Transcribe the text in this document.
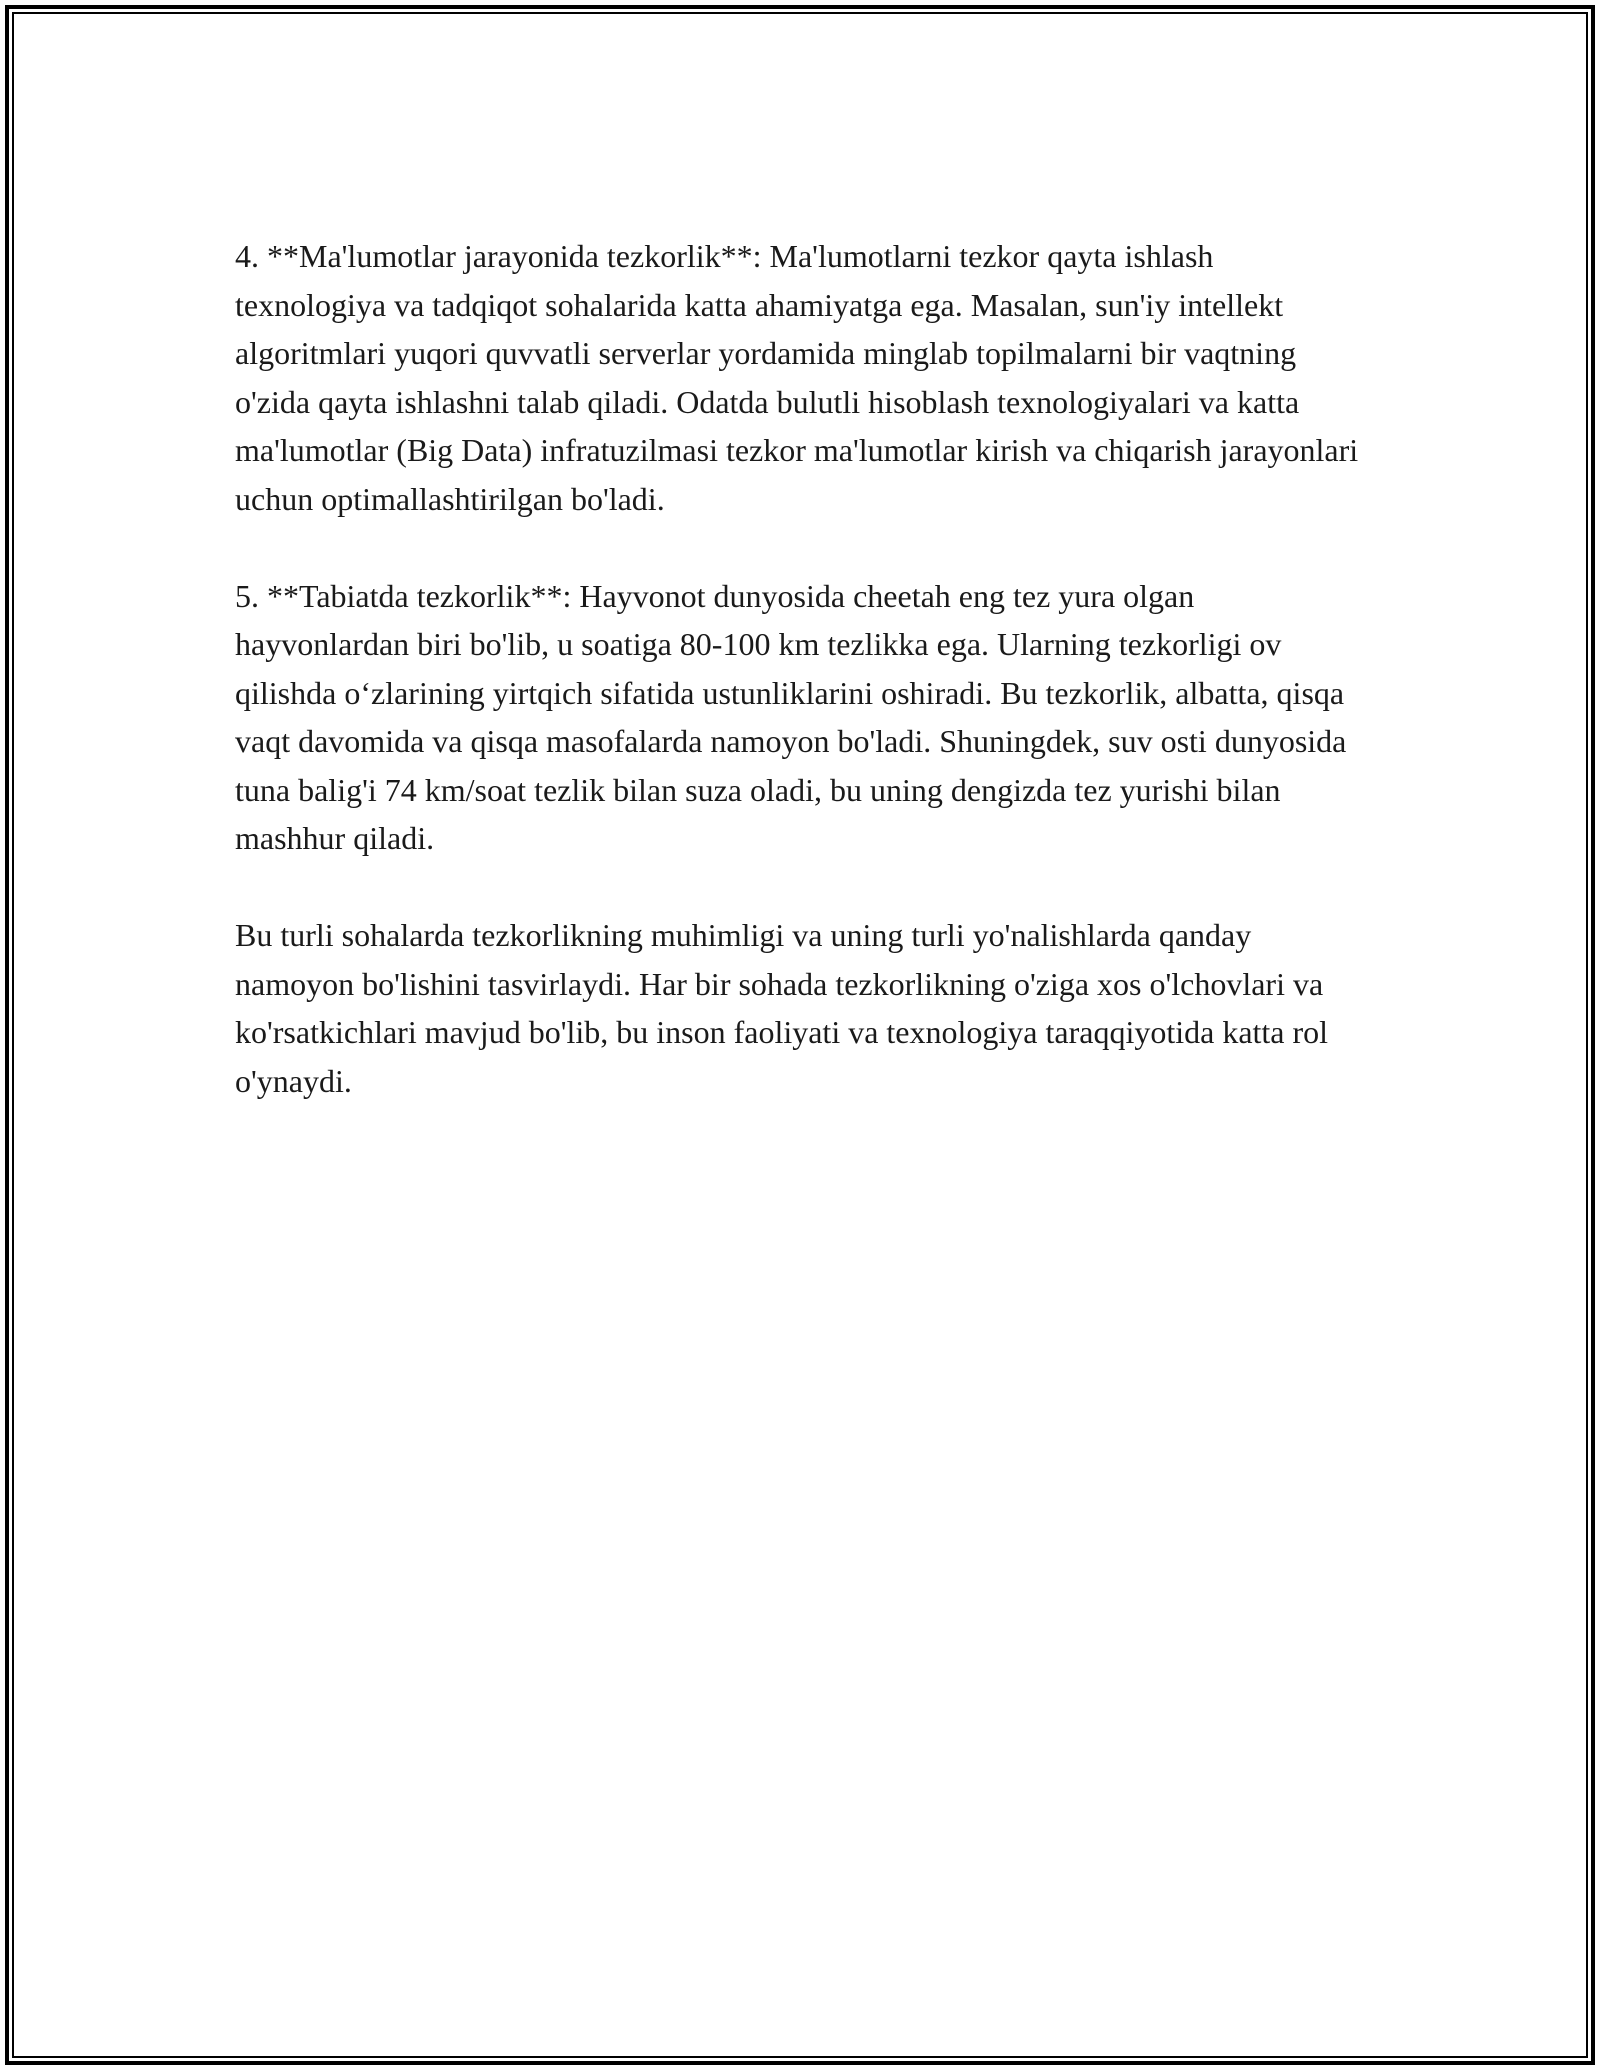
4. **Ma'lumotlar jarayonida tezkorlik**: Ma'lumotlarni tezkor qayta ishlash texnologiya va tadqiqot sohalarida katta ahamiyatga ega. Masalan, sun'iy intellekt algoritmlari yuqori quvvatli serverlar yordamida minglab topilmalarni bir vaqtning o'zida qayta ishlashni talab qiladi. Odatda bulutli hisoblash texnologiyalari va katta ma'lumotlar (Big Data) infratuzilmasi tezkor ma'lumotlar kirish va chiqarish jarayonlari uchun optimallashtirilgan bo'ladi.

5. **Tabiatda tezkorlik**: Hayvonot dunyosida cheetah eng tez yura olgan hayvonlardan biri bo'lib, u soatiga 80-100 km tezlikka ega. Ularning tezkorligi ov qilishda o‘zlarining yirtqich sifatida ustunliklarini oshiradi. Bu tezkorlik, albatta, qisqa vaqt davomida va qisqa masofalarda namoyon bo'ladi. Shuningdek, suv osti dunyosida tuna balig'i 74 km/soat tezlik bilan suza oladi, bu uning dengizda tez yurishi bilan mashhur qiladi.

Bu turli sohalarda tezkorlikning muhimligi va uning turli yo'nalishlarda qanday namoyon bo'lishini tasvirlaydi. Har bir sohada tezkorlikning o'ziga xos o'lchovlari va ko'rsatkichlari mavjud bo'lib, bu inson faoliyati va texnologiya taraqqiyotida katta rol o'ynaydi.
